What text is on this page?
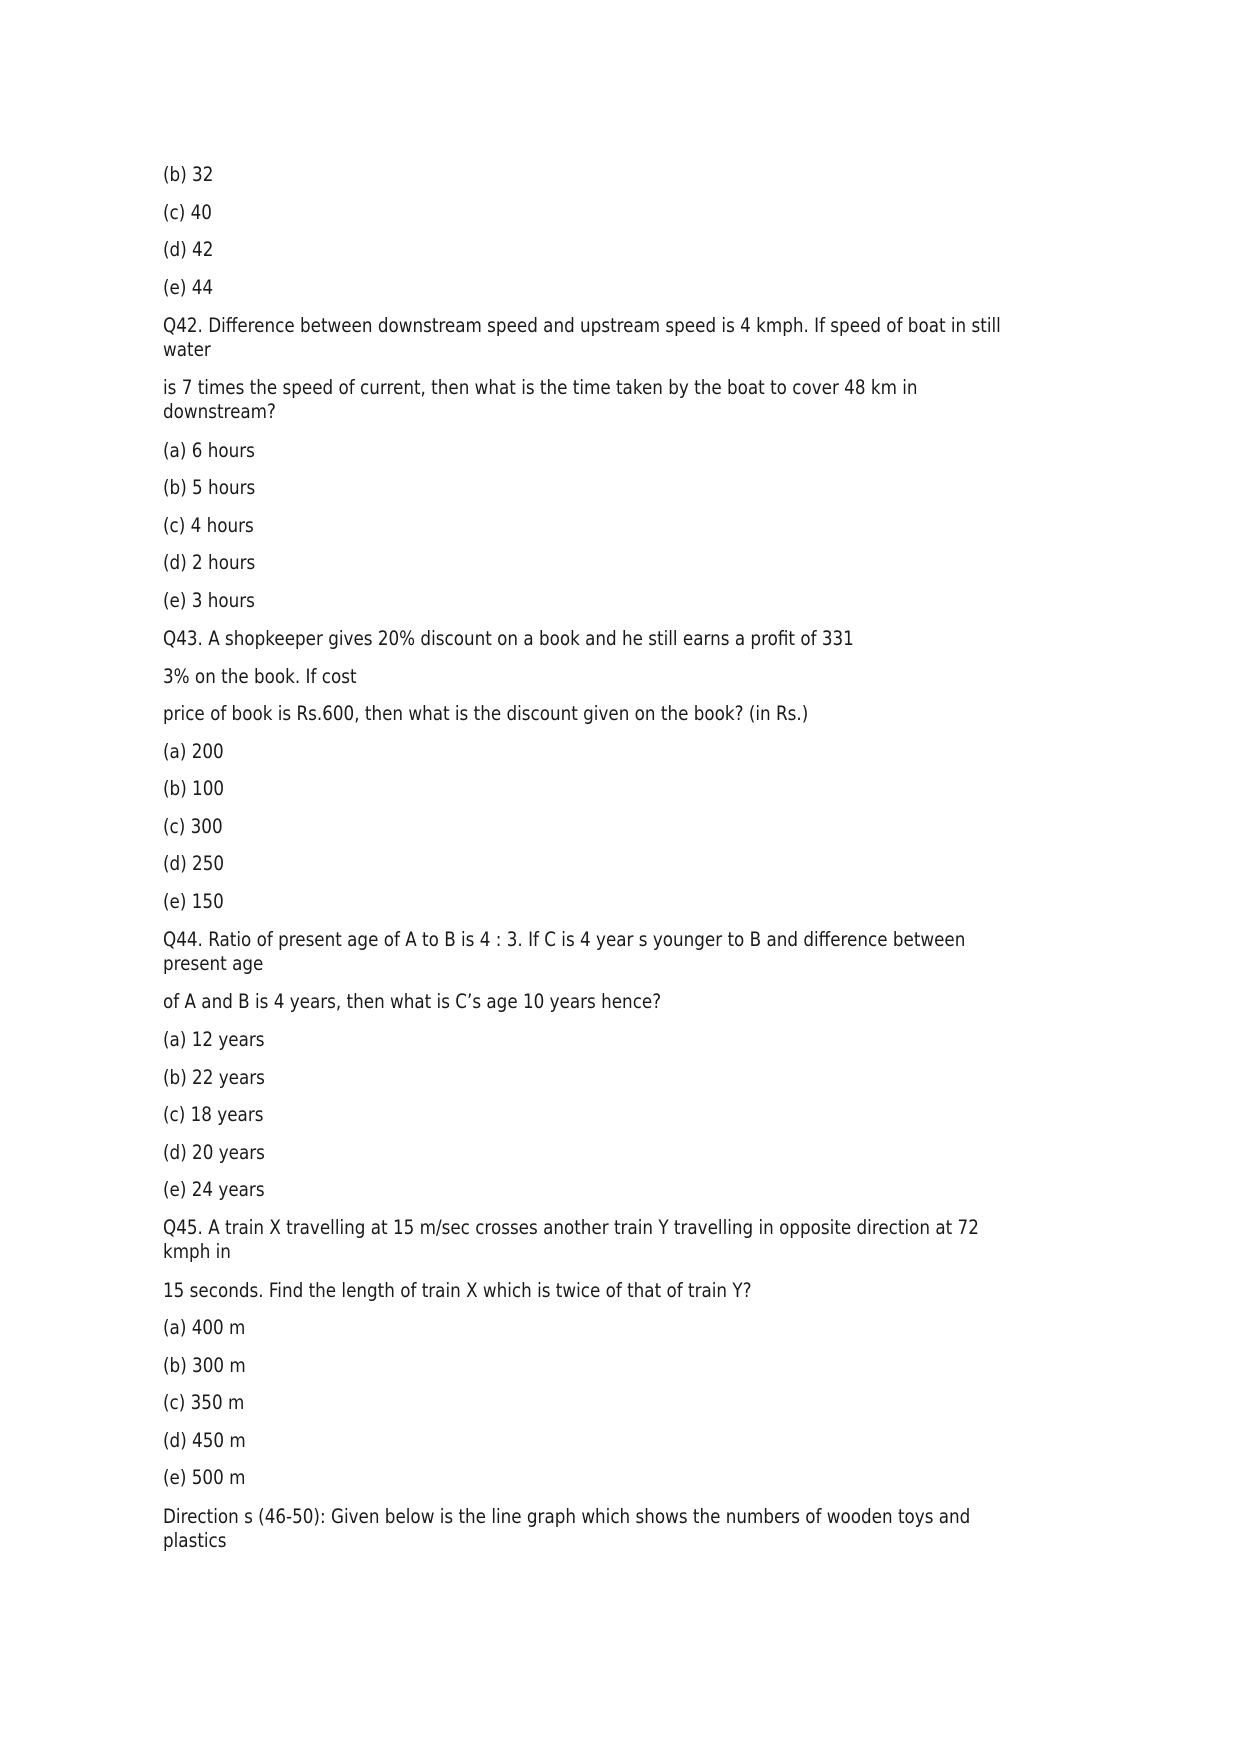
(b) 32
(c) 40
(d) 42
(e) 44
Q42. Difference between downstream speed and upstream speed is 4 kmph. If speed of boat in still
water
is 7 times the speed of current, then what is the time taken by the boat to cover 48 km in
downstream?
(a) 6 hours
(b) 5 hours
(c) 4 hours
(d) 2 hours
(e) 3 hours
Q43. A shopkeeper gives 20% discount on a book and he still earns a profit of 331
3% on the book. If cost
price of book is Rs.600, then what is the discount given on the book? (in Rs.)
(a) 200
(b) 100
(c) 300
(d) 250
(e) 150
Q44. Ratio of present age of A to B is 4 : 3. If C is 4 year s younger to B and difference between
present age
of A and B is 4 years, then what is C’s age 10 years hence?
(a) 12 years
(b) 22 years
(c) 18 years
(d) 20 years
(e) 24 years
Q45. A train X travelling at 15 m/sec crosses another train Y travelling in opposite direction at 72
kmph in
15 seconds. Find the length of train X which is twice of that of train Y?
(a) 400 m
(b) 300 m
(c) 350 m
(d) 450 m
(e) 500 m
Direction s (46-50): Given below is the line graph which shows the numbers of wooden toys and
plastics
